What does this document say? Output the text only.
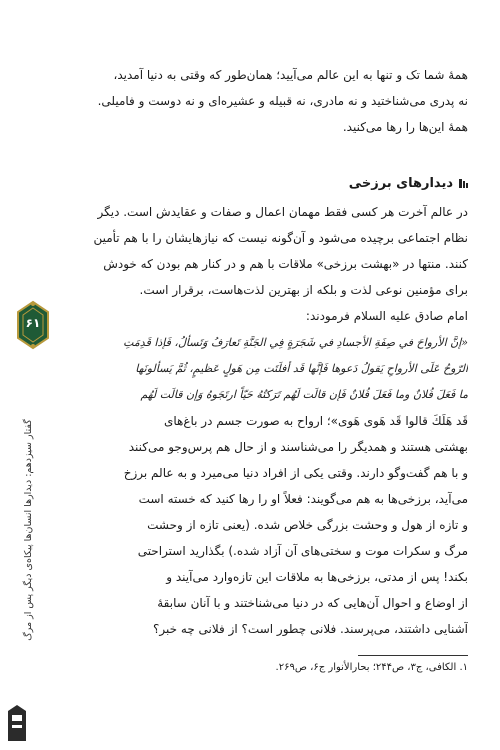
همهٔ شما تک و تنها به این عالم می‌آیید؛ همان‌طور که وقتی به دنیا آمدید،
نه پدری می‌شناختید و نه مادری، نه قبیله و عشیره‌ای و نه دوست و فامیلی.
همهٔ این‌ها را رها می‌کنید.
دیدارهای برزخی
در عالم آخرت هر کسی فقط مهمان اعمال و صفات و عقایدش است. دیگر
نظام اجتماعی برچیده می‌شود و آن‌گونه نیست که نیازهایشان را با هم تأمین
کنند. منتها در «بهشت برزخی» ملاقات با هم و در کنار هم بودن که خودش
برای مؤمنین نوعی لذت و بلکه از بهترین لذت‌هاست، برقرار است.
امام صادق علیه السلام فرمودند:
«إنَّ الأرواحَ في صِفَةِ الأجسادِ في شَجَرَةٍ فِي الجَنَّةِ تَعارَفُ وَتَسألُ، فَإذا قَدِمَتِ
الرّوحُ عَلَى الأرواحِ يَقولُ دَعوها فَإنَّها قَد أفلَتَت مِن هَولٍ عَظيمٍ، ثُمَّ يَسألونَها
ما فَعَلَ فُلانٌ وما فَعَلَ فُلانٌ فَإن قالَت لَهُم تَرَكتُهُ حَيّاً ارتَجَوهُ وَإن قالَت لَهُم
قَد هَلَكَ قالوا قَد هَوى هَوى»؛ ارواح به صورت جسم در باغ‌های
بهشتی هستند و همدیگر را می‌شناسند و از حال هم پرس‌وجو می‌کنند
و با هم گفت‌وگو دارند. وقتی یکی از افراد دنیا می‌میرد و به عالم برزخ
می‌آید، برزخی‌ها به هم می‌گویند: فعلاً او را رها کنید که خسته است
و تازه از هول و وحشت بزرگی خلاص شده. (یعنی تازه از وحشت
مرگ و سکرات موت و سختی‌های آن آزاد شده.) بگذارید استراحتی
بکند! پس از مدتی، برزخی‌ها به ملاقات این تازه‌وارد می‌آیند و
از اوضاع و احوال آن‌هایی که در دنیا می‌شناختند و با آنان سابقهٔ
آشنایی داشتند، می‌پرسند. فلانی چطور است؟ از فلانی چه خبر؟
۱. الکافی، ج۳، ص۲۴۴؛ بحارالأنوار ج۶، ص۲۶۹.
۶۱
گفتار سیزدهم: دیدارها انسان‌ها پیکاه‌ی دیگر پس از مرگ
